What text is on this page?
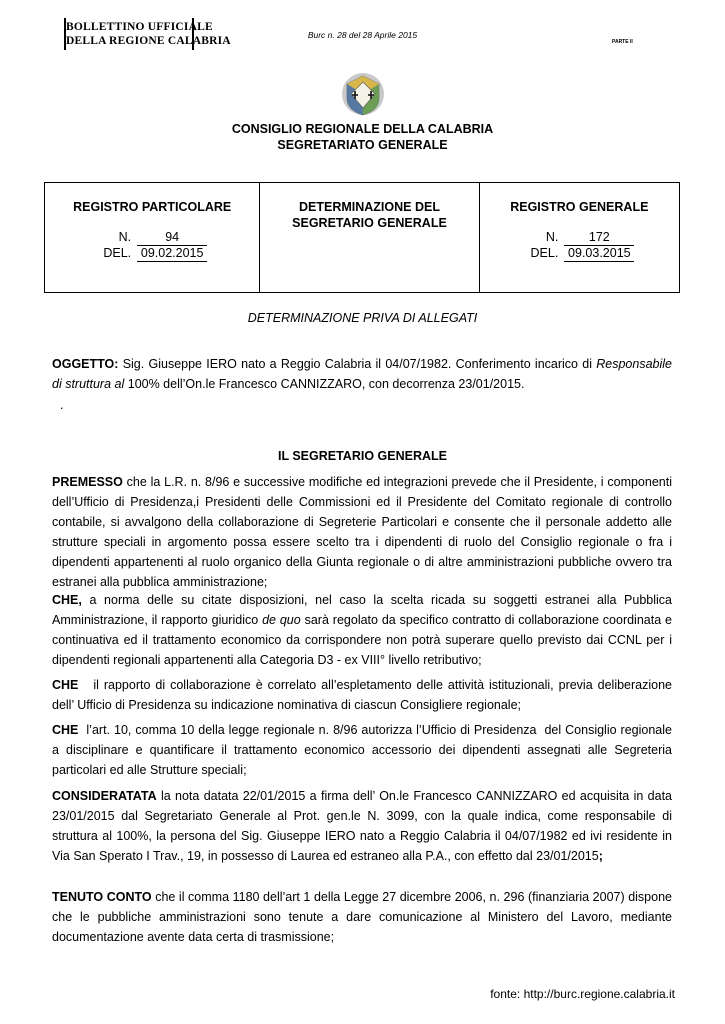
BOLLETTINO UFFICIALE
DELLA REGIONE CALABRIA	Burc n. 28 del 28 Aprile 2015
PARTE II
CONSIGLIO REGIONALE DELLA CALABRIA
SEGRETARIATO GENERALE
REGISTRO PARTICOLARE
N.	94
DEL. 09.02.2015
DETERMINAZIONE DEL
SEGRETARIO GENERALE
REGISTRO GENERALE
N. 172
DEL. 09.03.2015
DETERMINAZIONE PRIVA DI ALLEGATI
OGGETTO: Sig. Giuseppe IERO nato a Reggio Calabria il 04/07/1982. Conferimento incarico di Responsabile di struttura al 100% dell’On.le Francesco CANNIZZARO, con decorrenza 23/01/2015.
.
IL SEGRETARIO GENERALE
PREMESSO che la L.R. n. 8/96 e successive modifiche ed integrazioni prevede che il Presidente, i componenti dell’Ufficio di Presidenza,i Presidenti delle Commissioni ed il Presidente del Comitato regionale di controllo contabile, si avvalgono della collaborazione di Segreterie Particolari e consente che il personale addetto alle strutture speciali in argomento possa essere scelto tra i dipendenti di ruolo del Consiglio regionale o fra i dipendenti appartenenti al ruolo organico della Giunta regionale o di altre amministrazioni pubbliche ovvero tra estranei alla pubblica amministrazione;
CHE, a norma delle su citate disposizioni, nel caso la scelta ricada su soggetti estranei alla Pubblica Amministrazione, il rapporto giuridico de quo sarà regolato da specifico contratto di collaborazione coordinata e continuativa ed il trattamento economico da corrispondere non potrà superare quello previsto dai CCNL per i dipendenti regionali appartenenti alla Categoria D3 - ex VIII° livello retributivo;
CHE   il rapporto di collaborazione è correlato all’espletamento delle attività istituzionali, previa deliberazione dell’ Ufficio di Presidenza su indicazione nominativa di ciascun Consigliere regionale;
CHE  l’art. 10, comma 10 della legge regionale n. 8/96 autorizza l’Ufficio di Presidenza  del Consiglio regionale a disciplinare e quantificare il trattamento economico accessorio dei dipendenti assegnati alle Segreteria particolari ed alle Strutture speciali;
CONSIDERATATA la nota datata 22/01/2015 a firma dell’ On.le Francesco CANNIZZARO ed acquisita in data 23/01/2015 dal Segretariato Generale al Prot. gen.le N. 3099, con la quale indica, come responsabile di struttura al 100%, la persona del Sig. Giuseppe IERO nato a Reggio Calabria il 04/07/1982 ed ivi residente in Via San Sperato I Trav., 19, in possesso di Laurea ed estraneo alla P.A., con effetto dal 23/01/2015;
TENUTO CONTO che il comma 1180 dell’art 1 della Legge 27 dicembre 2006, n. 296 (finanziaria 2007) dispone che le pubbliche amministrazioni sono tenute a dare comunicazione al Ministero del Lavoro, mediante documentazione avente data certa di trasmissione;
fonte: http://burc.regione.calabria.it
